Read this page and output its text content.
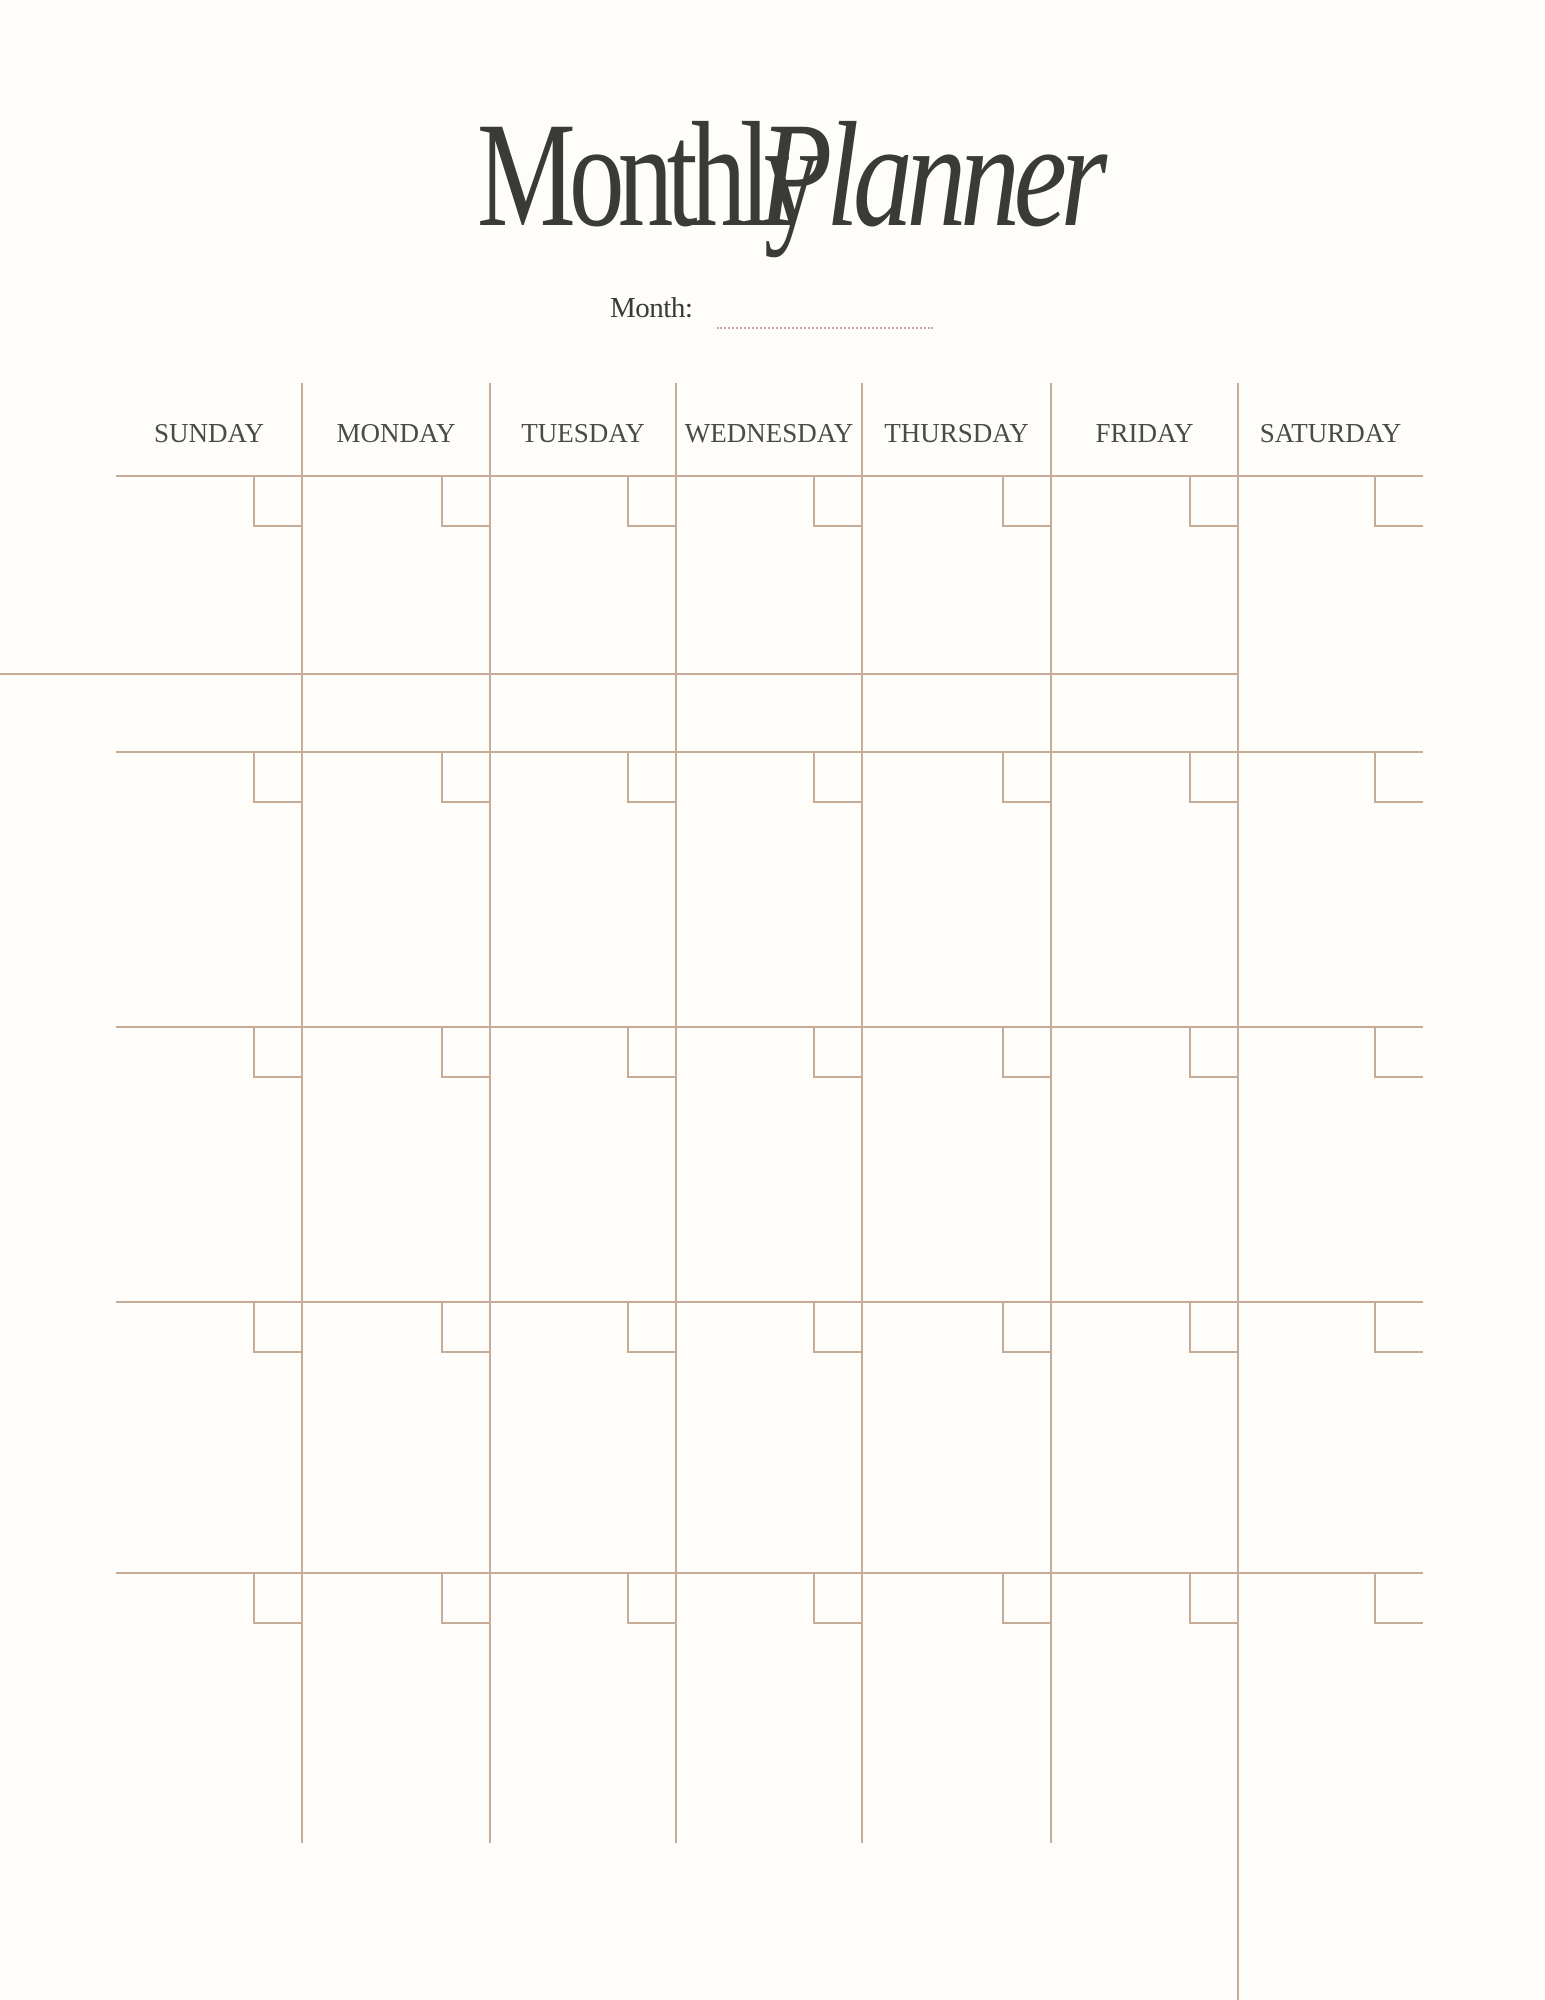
MonthlyPlanner
Month:
SUNDAY	MONDAY	TUESDAY	WEDNESDAY	THURSDAY	FRIDAY	SATURDAY
